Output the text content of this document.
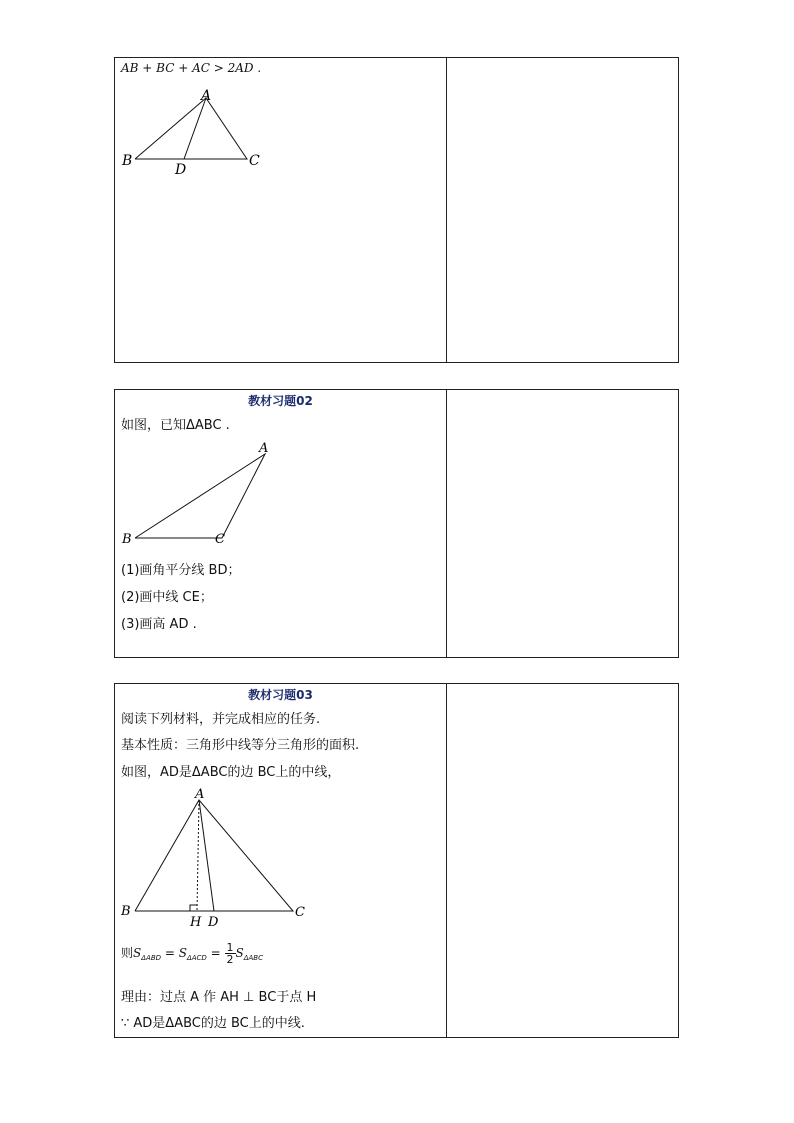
AB + BC + AC > 2AD .
A
B	C
D
教材习题02
如图，已知ΔABC .
A
B	C
(1)画角平分线 BD；
(2)画中线 CE；
(3)画高 AD .
教材习题03
阅读下列材料，并完成相应的任务.
基本性质：三角形中线等分三角形的面积.
如图，AD是ΔABC的边 BC上的中线，
A
B	C
H D
则$S_{\Delta ABD} = S_{\Delta ACD} = \frac{1}{2} S_{\Delta ABC}$
理由：过点 A 作 AH ⊥ BC于点 H
∵ AD是ΔABC的边 BC上的中线.
